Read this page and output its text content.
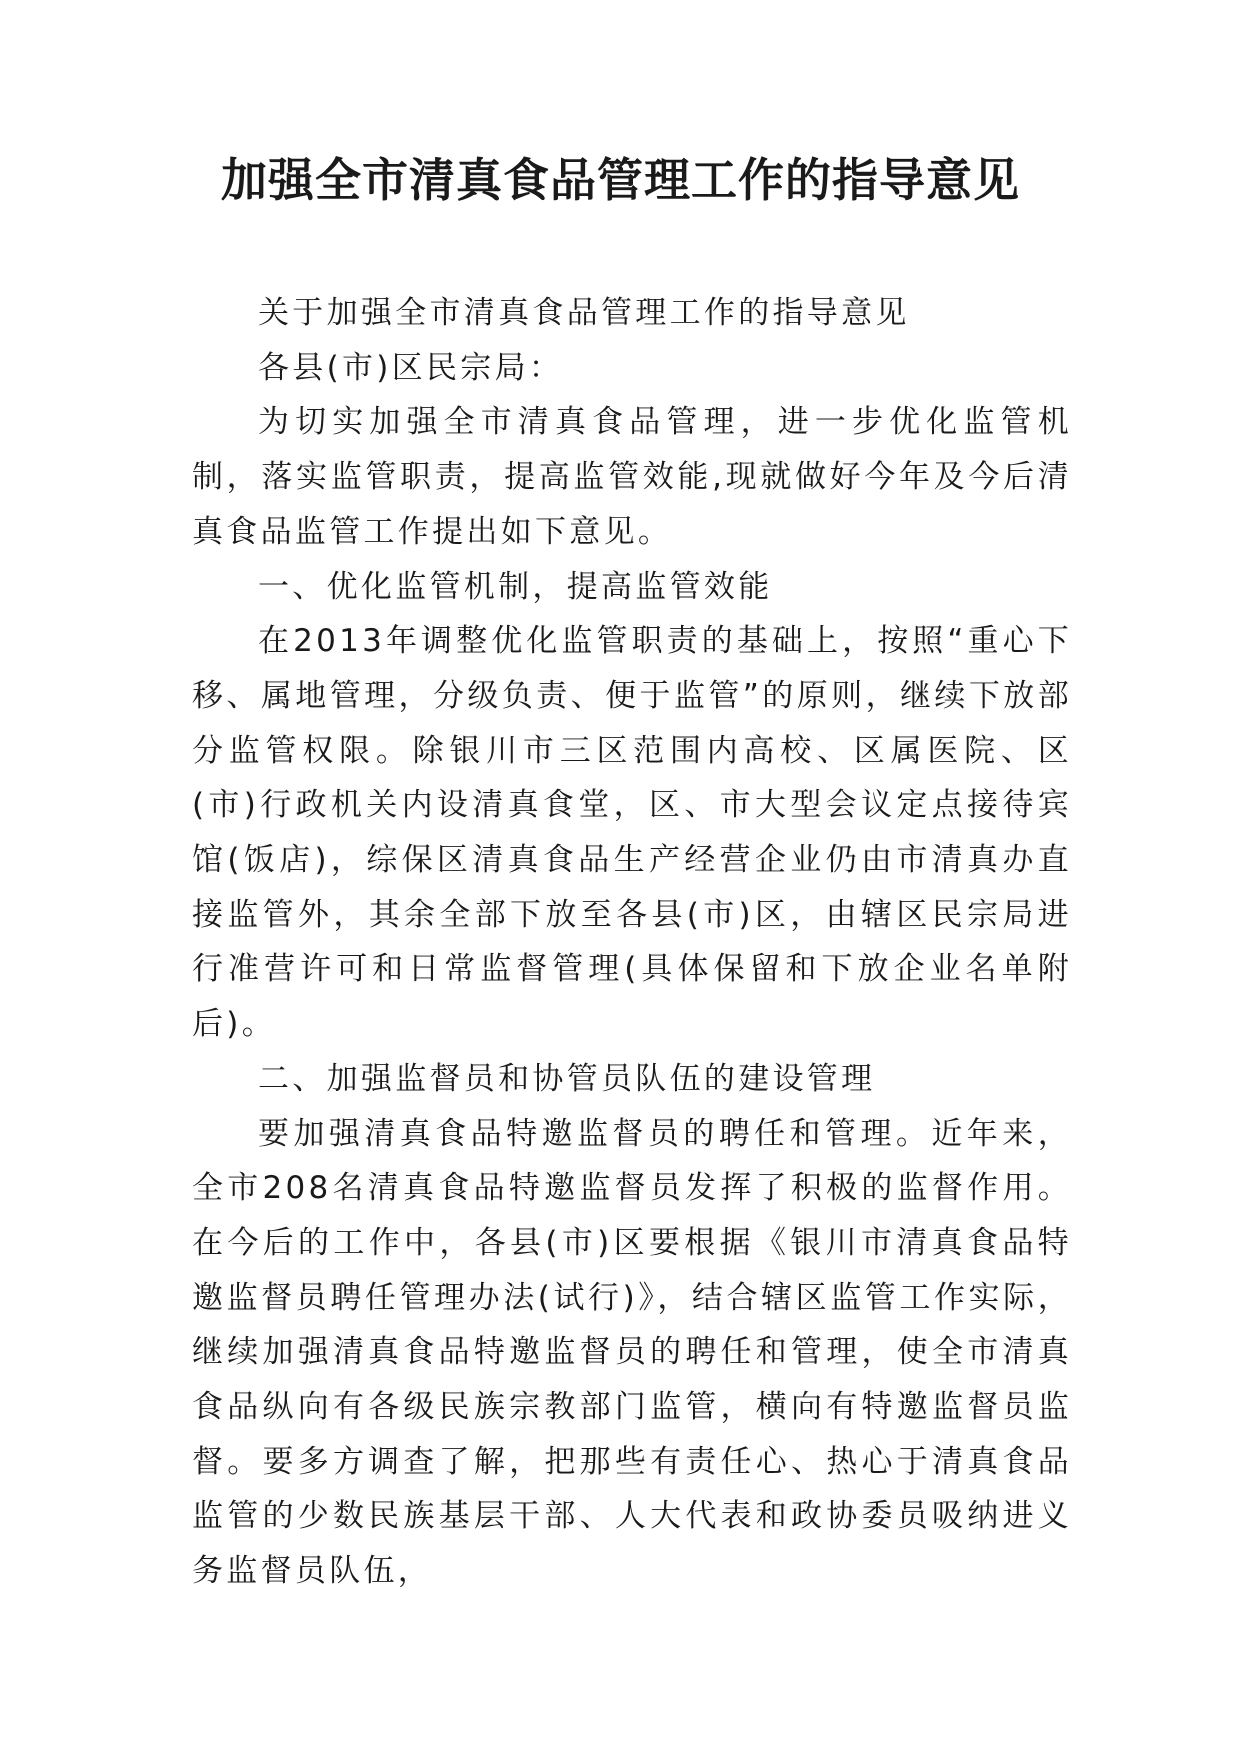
加强全市清真食品管理工作的指导意见

关于加强全市清真食品管理工作的指导意见

各县(市)区民宗局：

为切实加强全市清真食品管理，进一步优化监管机制，落实监管职责，提高监管效能,现就做好今年及今后清真食品监管工作提出如下意见。

一、优化监管机制，提高监管效能

在2013年调整优化监管职责的基础上，按照“重心下移、属地管理，分级负责、便于监管”的原则，继续下放部分监管权限。除银川市三区范围内高校、区属医院、区(市)行政机关内设清真食堂，区、市大型会议定点接待宾馆(饭店)，综保区清真食品生产经营企业仍由市清真办直接监管外，其余全部下放至各县(市)区，由辖区民宗局进行准营许可和日常监督管理(具体保留和下放企业名单附后)。

二、加强监督员和协管员队伍的建设管理

要加强清真食品特邀监督员的聘任和管理。近年来，全市208名清真食品特邀监督员发挥了积极的监督作用。在今后的工作中，各县(市)区要根据《银川市清真食品特邀监督员聘任管理办法(试行)》，结合辖区监管工作实际，继续加强清真食品特邀监督员的聘任和管理，使全市清真食品纵向有各级民族宗教部门监管，横向有特邀监督员监督。要多方调查了解，把那些有责任心、热心于清真食品监管的少数民族基层干部、人大代表和政协委员吸纳进义务监督员队伍，
